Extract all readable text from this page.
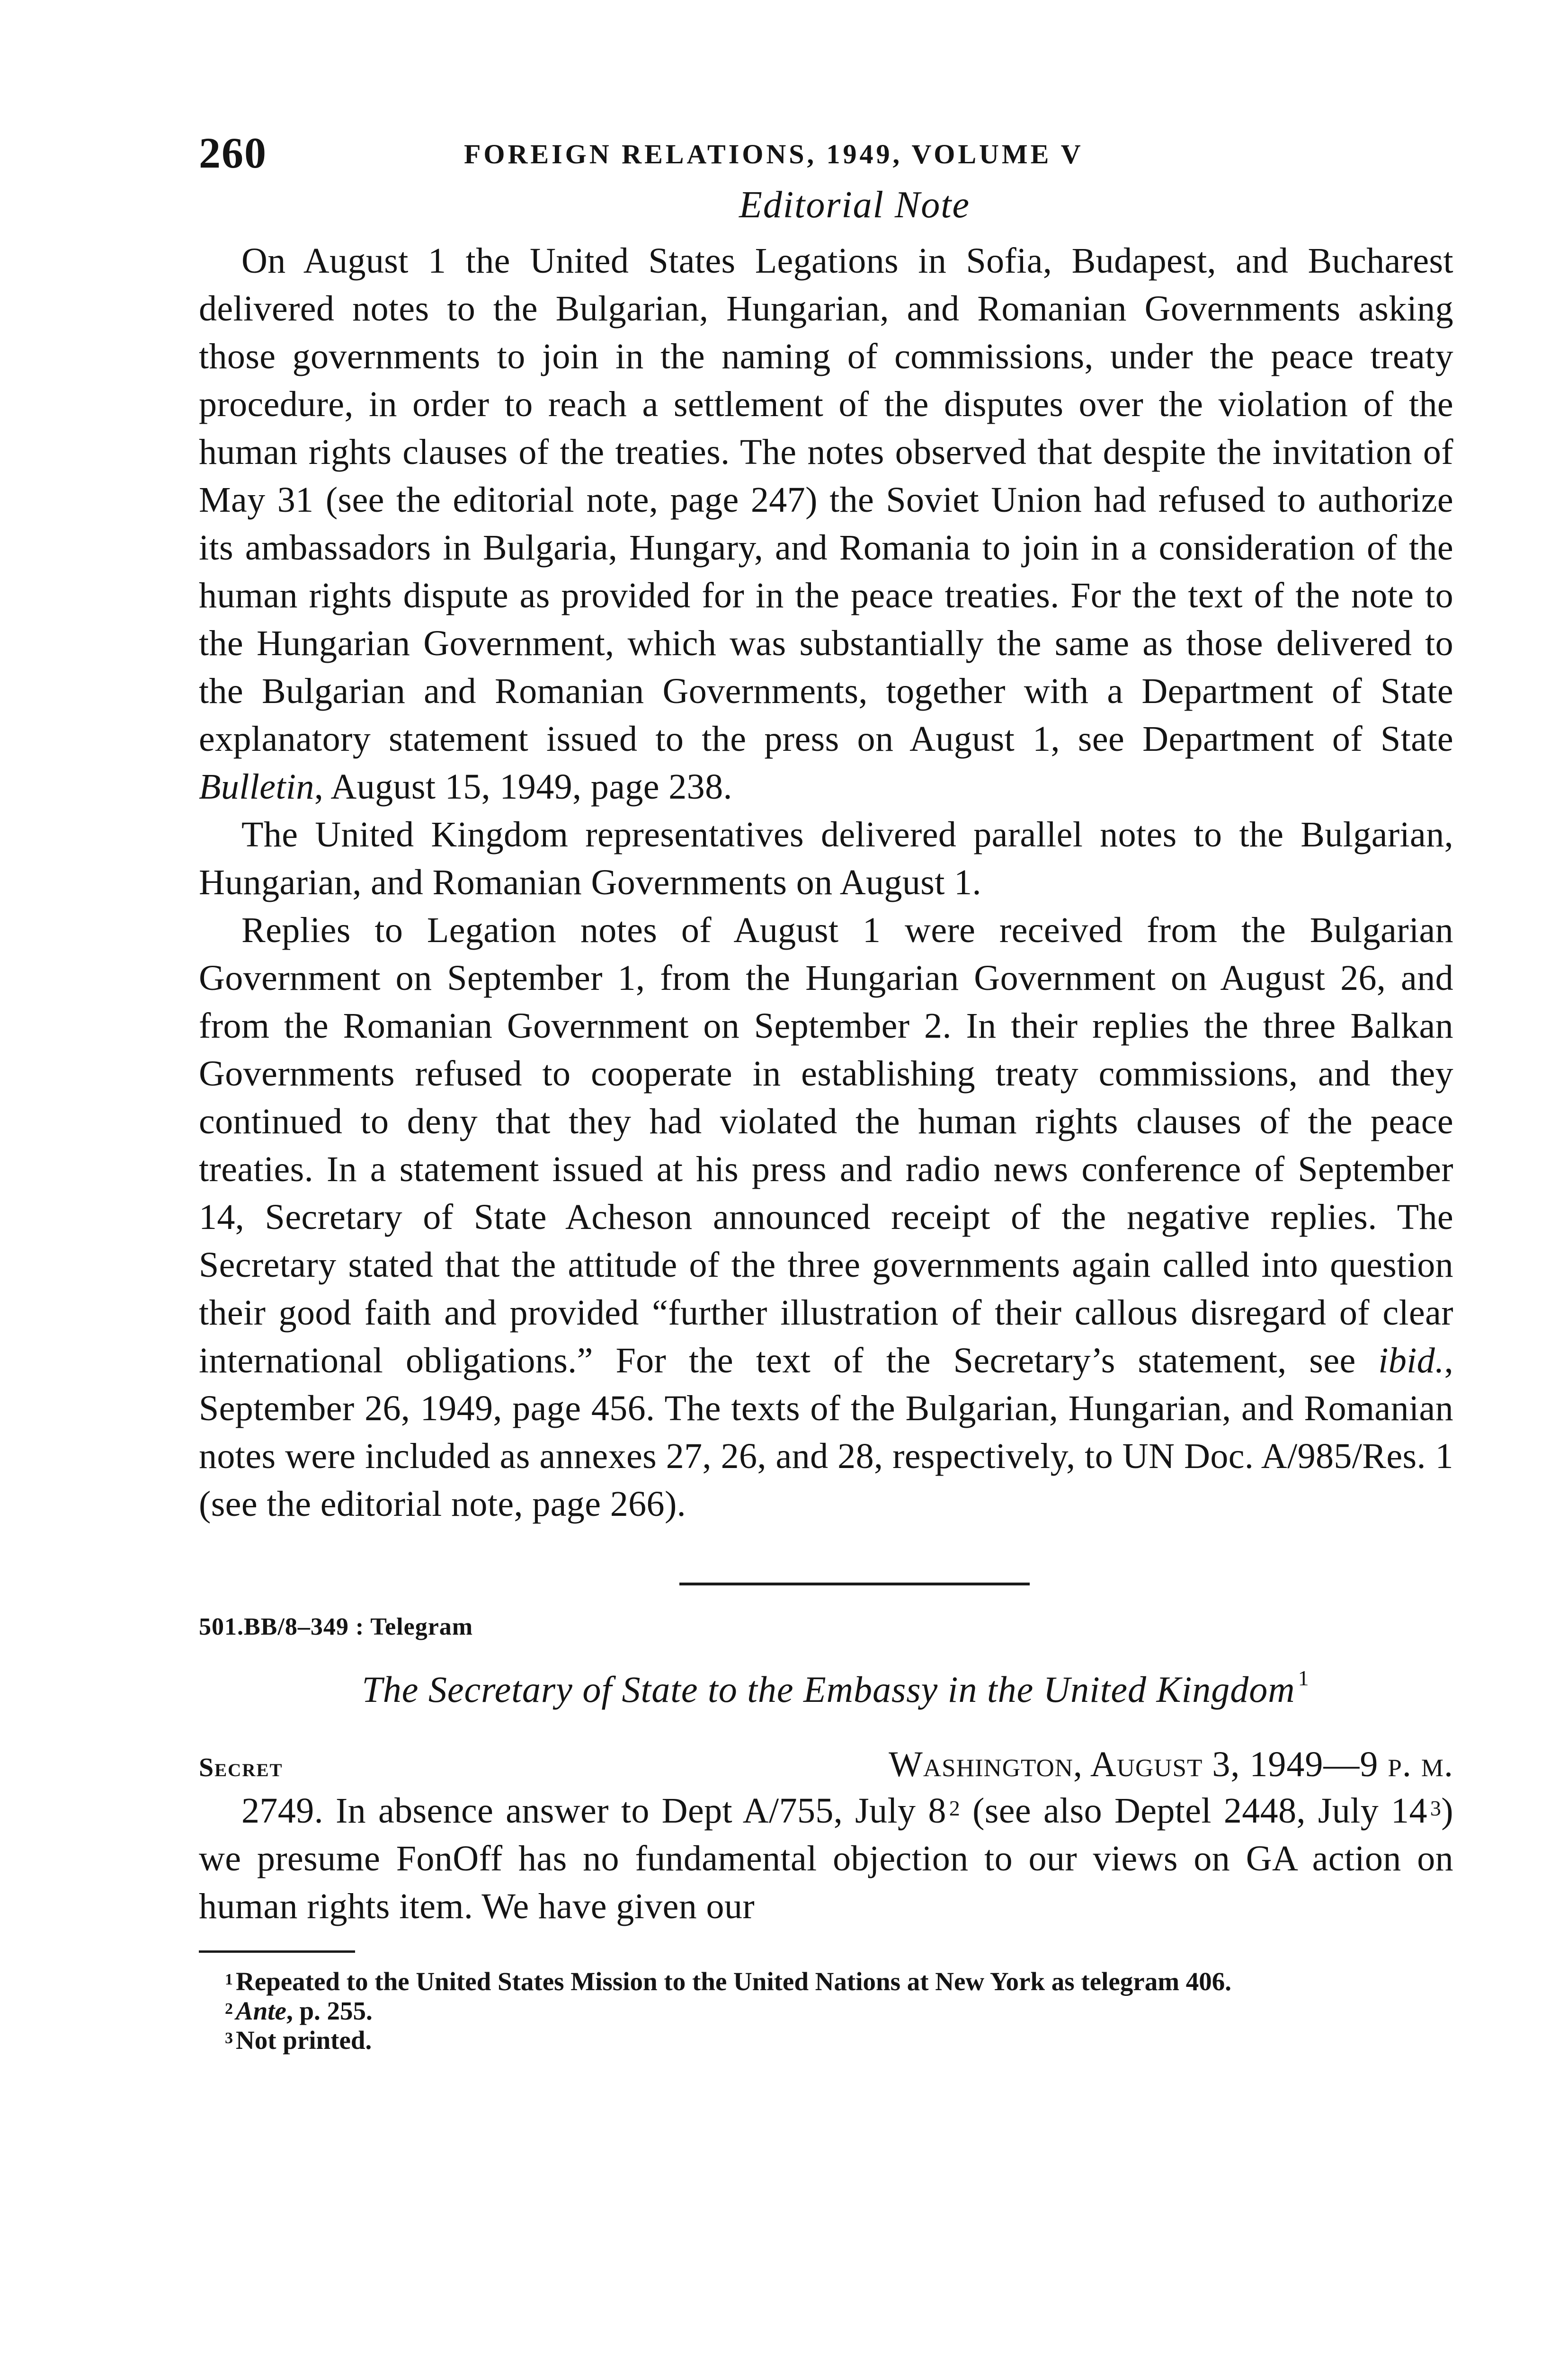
260	FOREIGN RELATIONS, 1949, VOLUME V
Editorial Note

On August 1 the United States Legations in Sofia, Budapest, and Bucharest delivered notes to the Bulgarian, Hungarian, and Romanian Governments asking those governments to join in the naming of commissions, under the peace treaty procedure, in order to reach a settlement of the disputes over the violation of the human rights clauses of the treaties. The notes observed that despite the invitation of May 31 (see the editorial note, page 247) the Soviet Union had refused to authorize its ambassadors in Bulgaria, Hungary, and Romania to join in a consideration of the human rights dispute as provided for in the peace treaties. For the text of the note to the Hungarian Government, which was substantially the same as those delivered to the Bulgarian and Romanian Governments, together with a Department of State explanatory statement issued to the press on August 1, see Department of State Bulletin, August 15, 1949, page 238.

The United Kingdom representatives delivered parallel notes to the Bulgarian, Hungarian, and Romanian Governments on August 1.

Replies to Legation notes of August 1 were received from the Bulgarian Government on September 1, from the Hungarian Government on August 26, and from the Romanian Government on September 2. In their replies the three Balkan Governments refused to cooperate in establishing treaty commissions, and they continued to deny that they had violated the human rights clauses of the peace treaties. In a statement issued at his press and radio news conference of September 14, Secretary of State Acheson announced receipt of the negative replies. The Secretary stated that the attitude of the three governments again called into question their good faith and provided “further illustration of their callous disregard of clear international obligations.” For the text of the Secretary’s statement, see ibid., September 26, 1949, page 456. The texts of the Bulgarian, Hungarian, and Romanian notes were included as annexes 27, 26, and 28, respectively, to UN Doc. A/985/Res. 1 (see the editorial note, page 266).

501.BB/8–349 : Telegram
The Secretary of State to the Embassy in the United Kingdom $^1$
Secret	Washington, August 3, 1949—9 p. m.

2749. In absence answer to Dept A/755, July 8 $^2$ (see also Deptel 2448, July 14 $^3$) we presume FonOff has no fundamental objection to our views on GA action on human rights item. We have given our

$^1$ Repeated to the United States Mission to the United Nations at New York as telegram 406.

$^2$ Ante, p. 255.

$^3$ Not printed.
